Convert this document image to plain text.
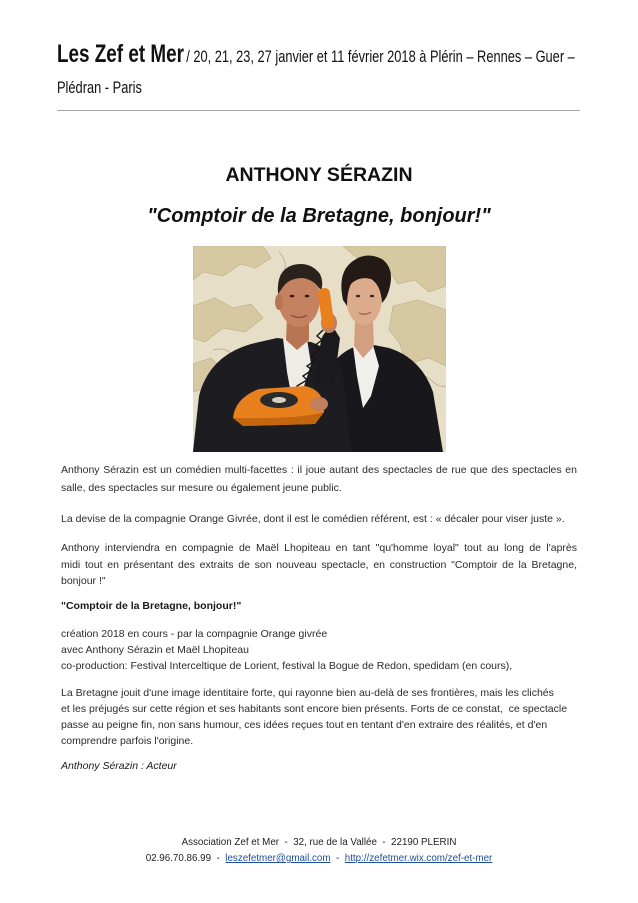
Les Zef et Mer / 20, 21, 23, 27 janvier et 11 février 2018 à Plérin – Rennes – Guer –
Plédran - Paris
ANTHONY SÉRAZIN
"Comptoir de la Bretagne, bonjour!"
Anthony Sérazin est un comédien multi-facettes : il joue autant des spectacles de rue que des spectacles en
salle, des spectacles sur mesure ou également jeune public.
La devise de la compagnie Orange Givrée, dont il est le comédien référent, est : « décaler pour viser juste ».
Anthony interviendra en compagnie de Maël Lhopiteau en tant "qu'homme loyal" tout au long de l'après
midi tout en présentant des extraits de son nouveau spectacle, en construction "Comptoir de la Bretagne,
bonjour !"
"Comptoir de la Bretagne, bonjour!"
création 2018 en cours - par la compagnie Orange givrée
avec Anthony Sérazin et Maël Lhopiteau
co-production: Festival Interceltique de Lorient, festival la Bogue de Redon, spedidam (en cours),
La Bretagne jouit d'une image identitaire forte, qui rayonne bien au-delà de ses frontières, mais les clichés
et les préjugés sur cette région et ses habitants sont encore bien présents. Forts de ce constat,  ce spectacle
passe au peigne fin, non sans humour, ces idées reçues tout en tentant d'en extraire des réalités, et d'en
comprendre parfois l'origine.
Anthony Sérazin : Acteur
Association Zef et Mer  -  32, rue de la Vallée  -  22190 PLERIN
02.96.70.86.99 - leszefetmer@gmail.com - http://zefetmer.wix.com/zef-et-mer
